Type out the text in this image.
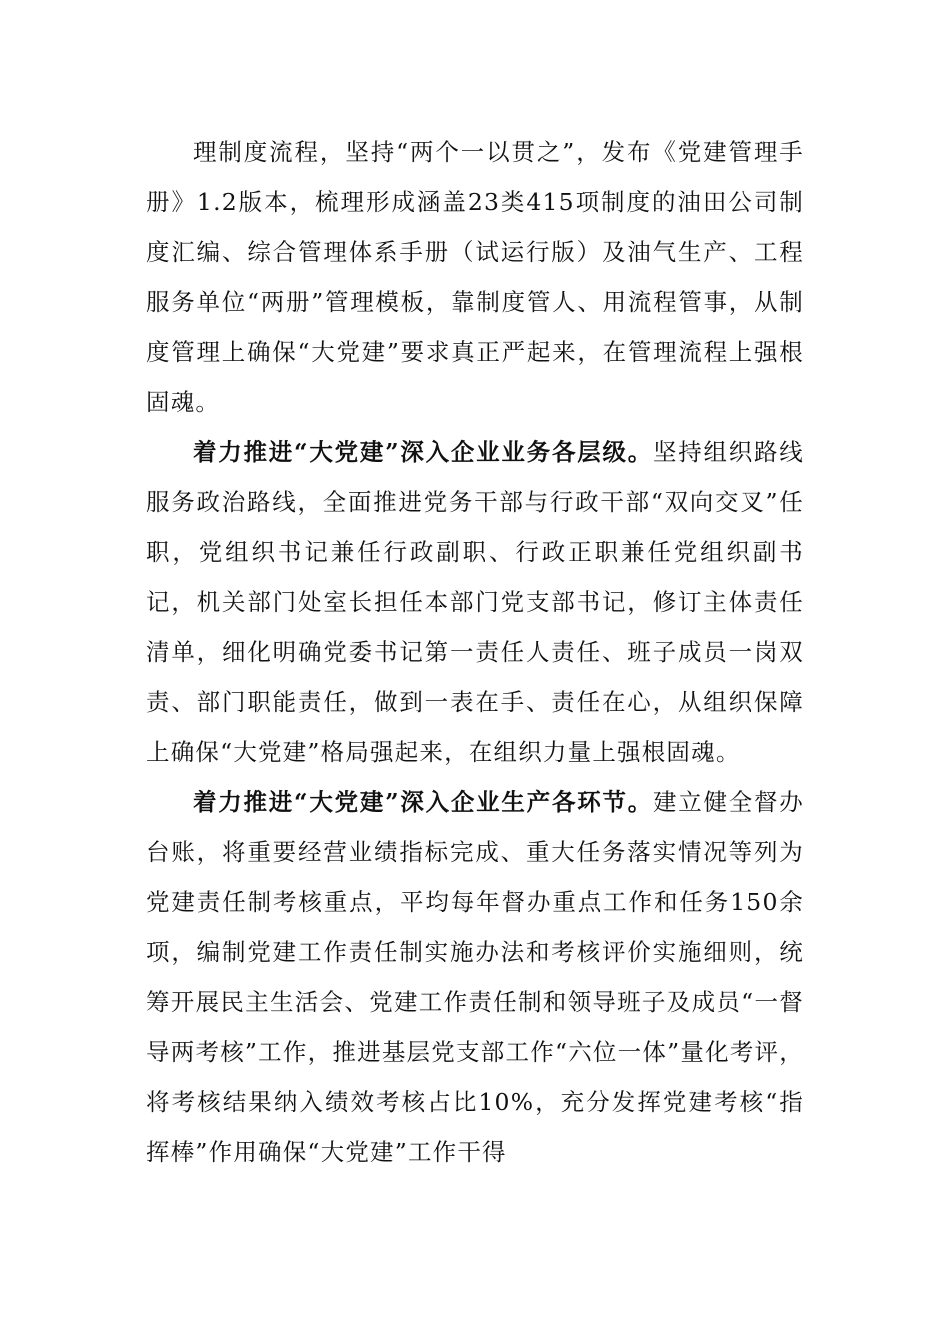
理制度流程，坚持“两个一以贯之”，发布《党建管理手册》1.2版本，梳理形成涵盖23类415项制度的油田公司制度汇编、综合管理体系手册（试运行版）及油气生产、工程服务单位“两册”管理模板，靠制度管人、用流程管事，从制度管理上确保“大党建”要求真正严起来，在管理流程上强根固魂。

着力推进“大党建”深入企业业务各层级。坚持组织路线服务政治路线，全面推进党务干部与行政干部“双向交叉”任职，党组织书记兼任行政副职、行政正职兼任党组织副书记，机关部门处室长担任本部门党支部书记，修订主体责任清单，细化明确党委书记第一责任人责任、班子成员一岗双责、部门职能责任，做到一表在手、责任在心，从组织保障上确保“大党建”格局强起来，在组织力量上强根固魂。

着力推进“大党建”深入企业生产各环节。建立健全督办台账，将重要经营业绩指标完成、重大任务落实情况等列为党建责任制考核重点，平均每年督办重点工作和任务150余项，编制党建工作责任制实施办法和考核评价实施细则，统筹开展民主生活会、党建工作责任制和领导班子及成员“一督导两考核”工作，推进基层党支部工作“六位一体”量化考评，将考核结果纳入绩效考核占比10%，充分发挥党建考核“指挥棒”作用确保“大党建”工作干得
